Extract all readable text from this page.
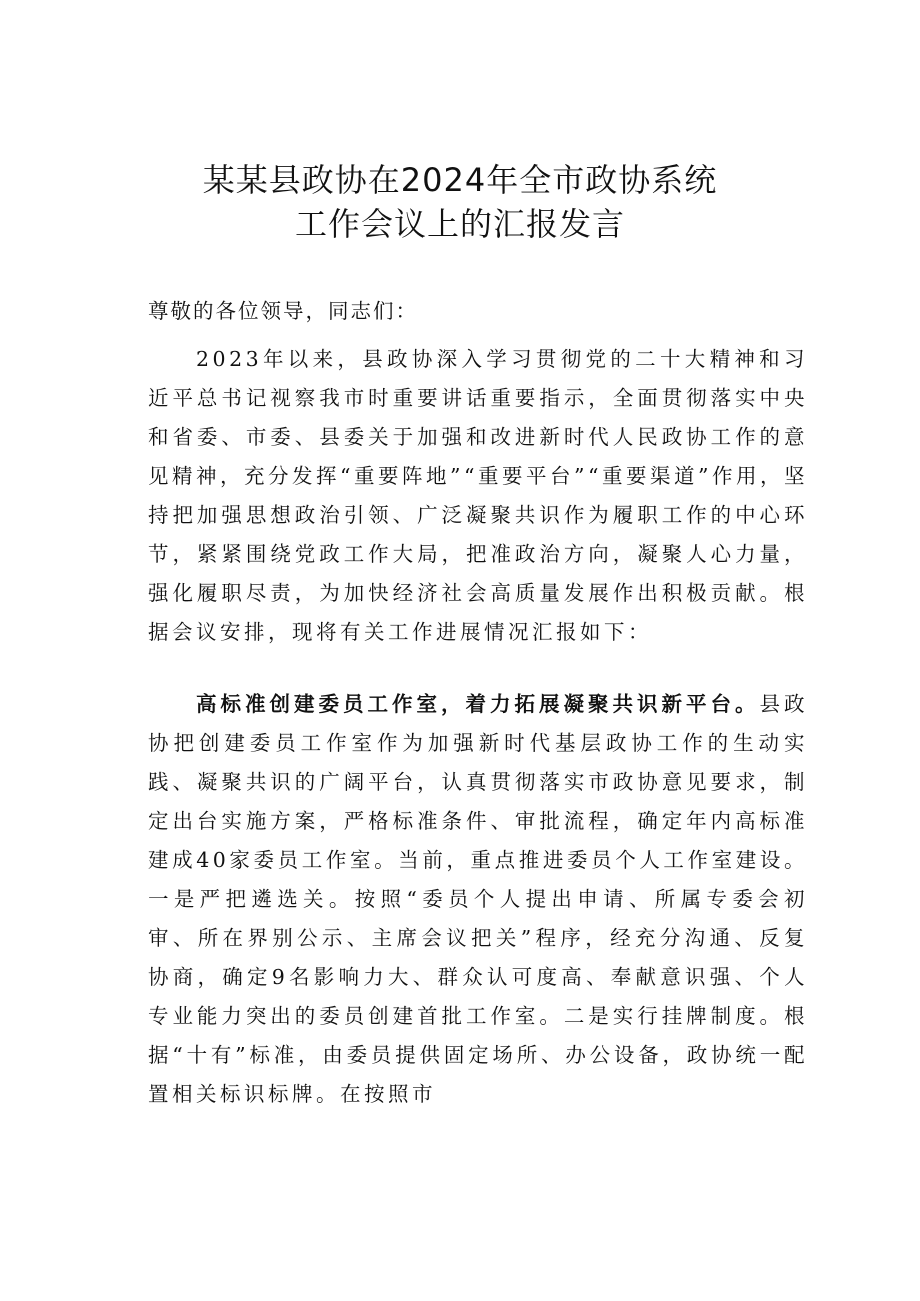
某某县政协在2024年全市政协系统
工作会议上的汇报发言
尊敬的各位领导，同志们：
2023年以来，县政协深入学习贯彻党的二十大精神和习近平总书记视察我市时重要讲话重要指示，全面贯彻落实中央和省委、市委、县委关于加强和改进新时代人民政协工作的意见精神，充分发挥“重要阵地”“重要平台”“重要渠道”作用，坚持把加强思想政治引领、广泛凝聚共识作为履职工作的中心环节，紧紧围绕党政工作大局，把准政治方向，凝聚人心力量，强化履职尽责，为加快经济社会高质量发展作出积极贡献。根据会议安排，现将有关工作进展情况汇报如下：
高标准创建委员工作室，着力拓展凝聚共识新平台。县政协把创建委员工作室作为加强新时代基层政协工作的生动实践、凝聚共识的广阔平台，认真贯彻落实市政协意见要求，制定出台实施方案，严格标准条件、审批流程，确定年内高标准建成40家委员工作室。当前，重点推进委员个人工作室建设。一是严把遴选关。按照“委员个人提出申请、所属专委会初审、所在界别公示、主席会议把关”程序，经充分沟通、反复协商，确定9名影响力大、群众认可度高、奉献意识强、个人专业能力突出的委员创建首批工作室。二是实行挂牌制度。根据“十有”标准，由委员提供固定场所、办公设备，政协统一配置相关标识标牌。在按照市
